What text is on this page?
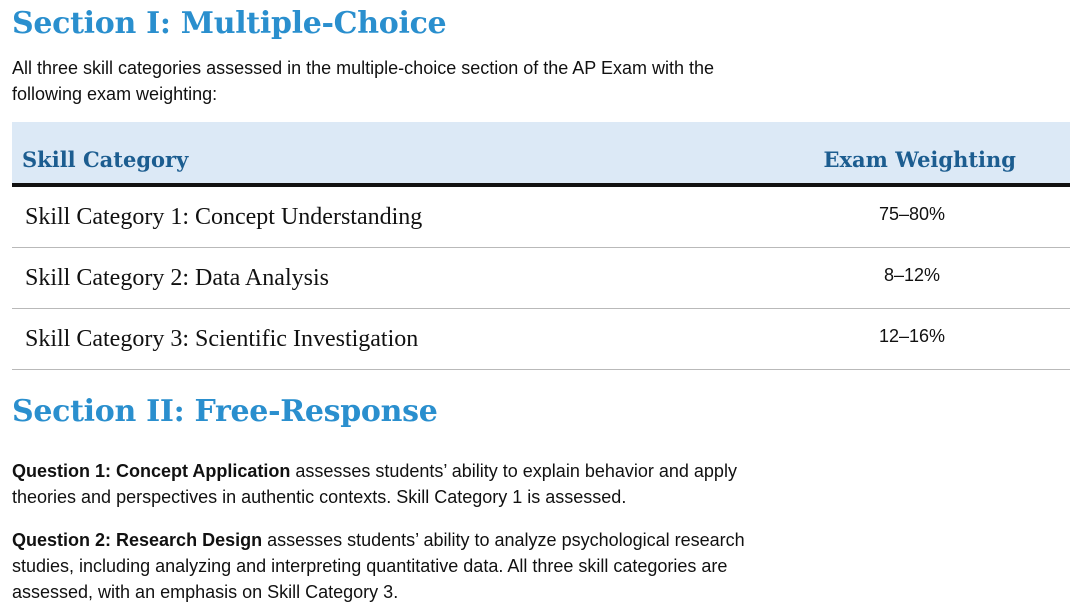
Section I: Multiple-Choice
All three skill categories assessed in the multiple-choice section of the AP Exam with the following exam weighting:
Skill Category	Exam Weighting
Skill Category 1: Concept Understanding	75–80%
Skill Category 2: Data Analysis	8–12%
Skill Category 3: Scientific Investigation	12–16%
Section II: Free-Response

Question 1: Concept Application assesses students’ ability to explain behavior and apply theories and perspectives in authentic contexts. Skill Category 1 is assessed.

Question 2: Research Design assesses students’ ability to analyze psychological research studies, including analyzing and interpreting quantitative data. All three skill categories are assessed, with an emphasis on Skill Category 3.
